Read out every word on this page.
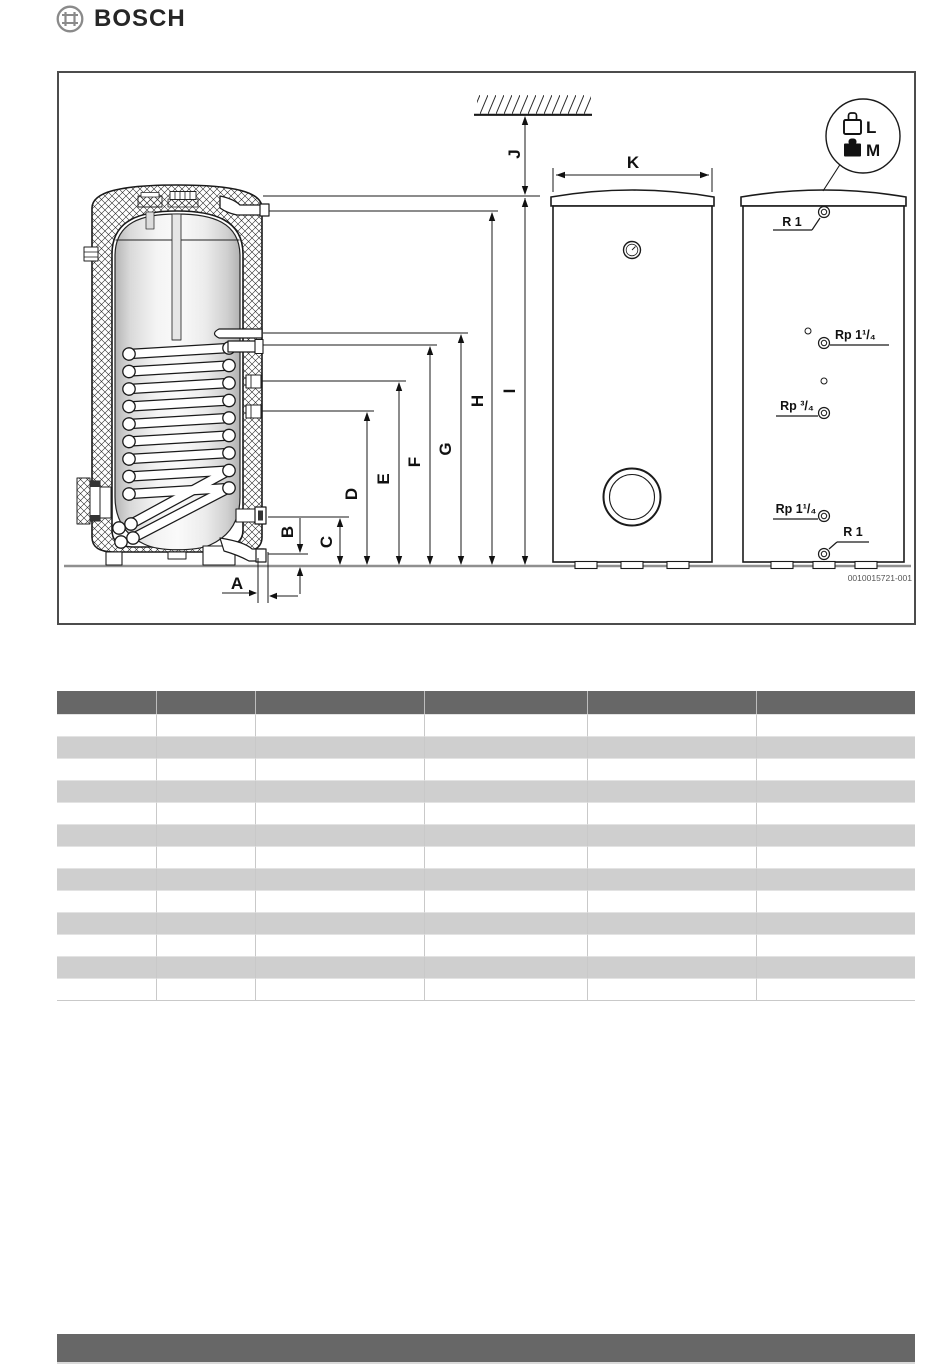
BOSCH
R 1
Rp 1¹/₄
Rp ³/₄
Rp 1¹/₄
R 1
L
M
A
B
C
D
E
F
G
H
I
J	K
0010015721-001
